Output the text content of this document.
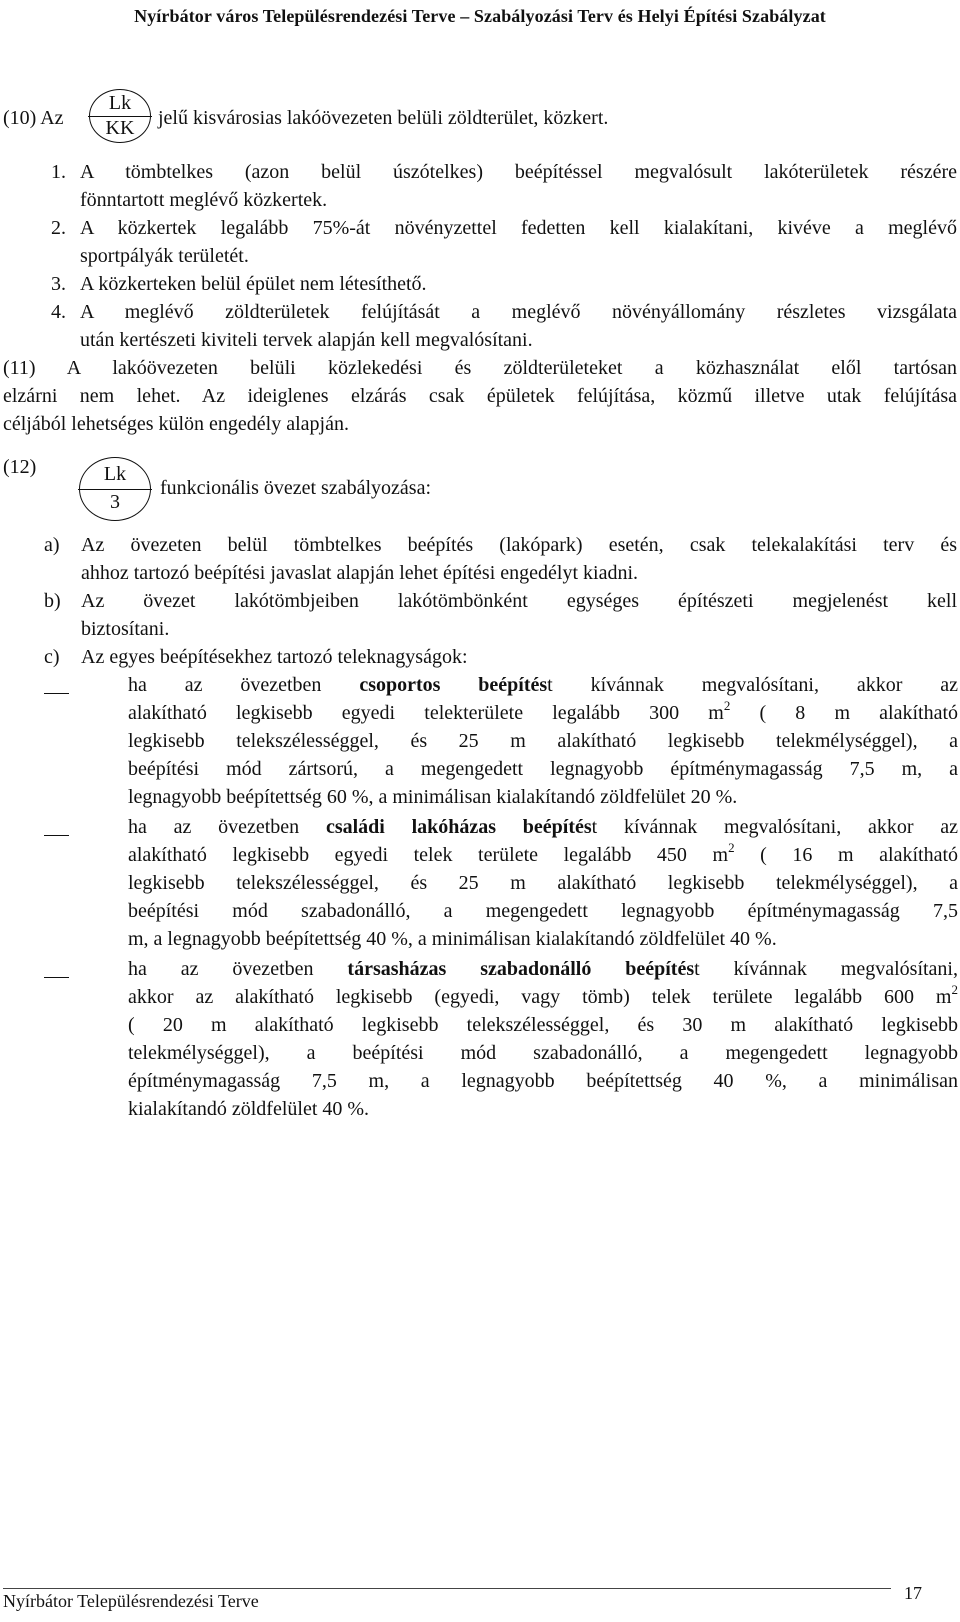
Nyírbátor város Településrendezési Terve – Szabályozási Terv és Helyi Építési Szabályzat
(10) Az
Lk
KK	jelű kisvárosias lakóövezeten belüli zöldterület, közkert.
1. A tömbtelkes (azon belül úszótelkes) beépítéssel megvalósult lakóterületek részére
fönntartott meglévő közkertek.
2. A közkertek legalább 75%-át növényzettel fedetten kell kialakítani, kivéve a meglévő
sportpályák területét.
3. A közkerteken belül épület nem létesíthető.
4. A meglévő zöldterületek felújítását a meglévő növényállomány részletes vizsgálata
után kertészeti kiviteli tervek alapján kell megvalósítani.
(11) A lakóövezeten belüli közlekedési és zöldterületeket a közhasználat elől tartósan
elzárni nem lehet. Az ideiglenes elzárás csak épületek felújítása, közmű illetve utak felújítása
céljából lehetséges külön engedély alapján.
(12)	Lk
3
funkcionális övezet szabályozása:
a) Az övezeten belül tömbtelkes beépítés (lakópark) esetén, csak telekalakítási terv és
ahhoz tartozó beépítési javaslat alapján lehet építési engedélyt kiadni.
b) Az övezet lakótömbjeiben lakótömbönként egységes építészeti megjelenést kell
biztosítani.
c) Az egyes beépítésekhez tartozó teleknagyságok:
ha az övezetben csoportos beépítést kívánnak megvalósítani, akkor az
alakítható legkisebb egyedi telekterülete legalább 300 $m^2$ ( 8 m alakítható
legkisebb telekszélességgel, és 25 m alakítható legkisebb telekmélységgel), a
beépítési mód zártsorú, a megengedett legnagyobb építménymagasság 7,5 m, a
legnagyobb beépítettség 60 %, a minimálisan kialakítandó zöldfelület 20 %.
ha az övezetben családi lakóházas beépítést kívánnak megvalósítani, akkor az
alakítható legkisebb egyedi telek területe legalább 450 $m^2$ ( 16 m alakítható
legkisebb telekszélességgel, és 25 m alakítható legkisebb telekmélységgel), a
beépítési mód szabadonálló, a megengedett legnagyobb építménymagasság 7,5
m, a legnagyobb beépítettség 40 %, a minimálisan kialakítandó zöldfelület 40 %.
ha az övezetben társasházas szabadonálló beépítést kívánnak megvalósítani,
akkor az alakítható legkisebb (egyedi, vagy tömb) telek területe legalább 600 $m^2$
( 20 m alakítható legkisebb telekszélességgel, és 30 m alakítható legkisebb
telekmélységgel), a beépítési mód szabadonálló, a megengedett legnagyobb
építménymagasság 7,5 m, a legnagyobb beépítettség 40 %, a minimálisan
kialakítandó zöldfelület 40 %.
Nyírbátor Településrendezési Terve	17
